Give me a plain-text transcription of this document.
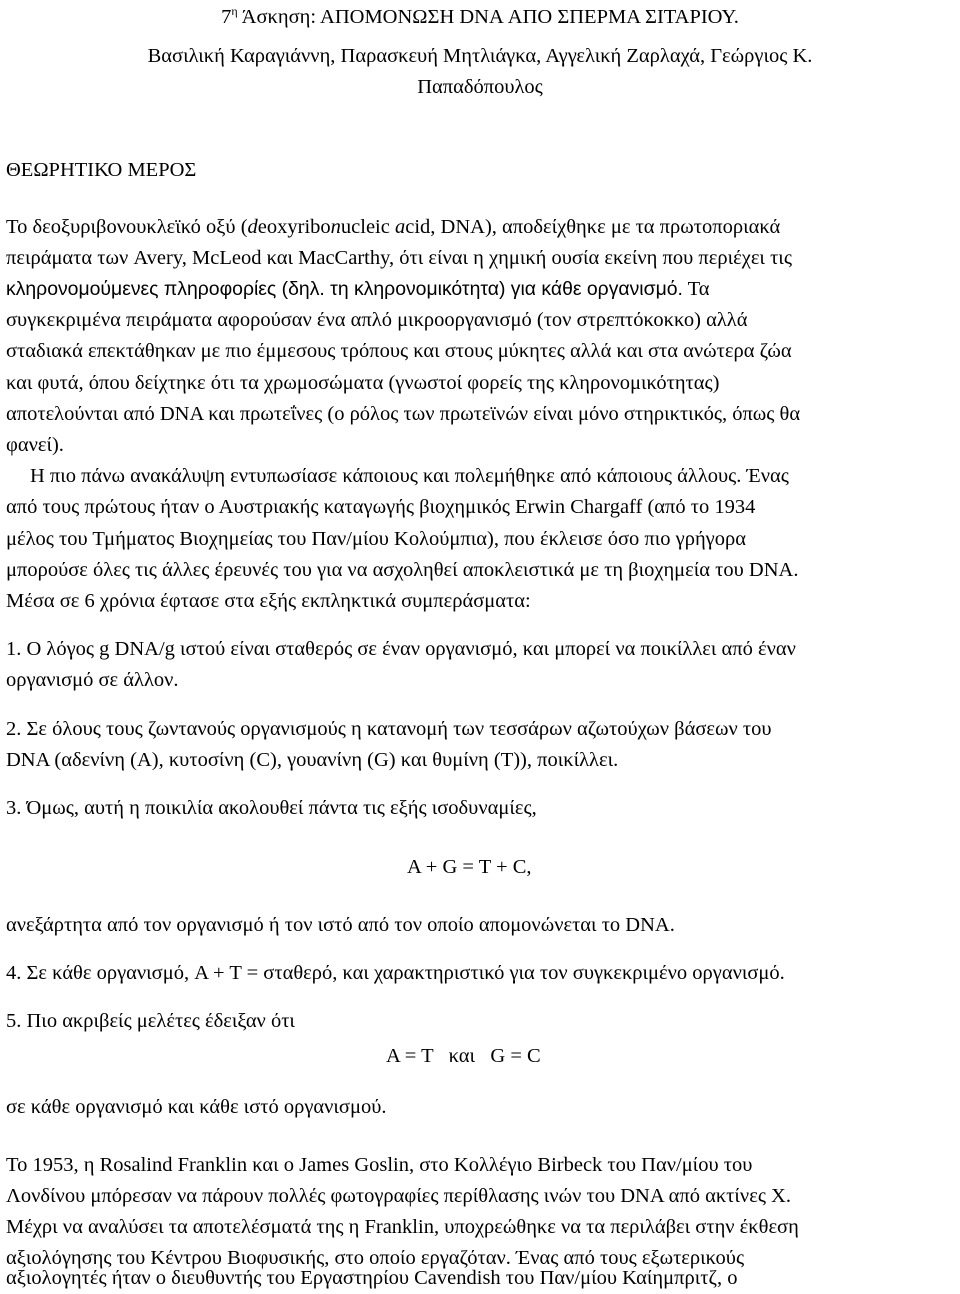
$7^\eta$ Άσκηση: ΑΠΟΜΟΝΩΣΗ DNA ΑΠΟ ΣΠΕΡΜΑ ΣΙΤΑΡΙΟΥ.
Βασιλική Καραγιάννη, Παρασκευή Μητλιάγκα, Αγγελική Ζαρλαχά, Γεώργιος Κ.
Παπαδόπουλος
ΘΕΩΡΗΤΙΚΟ ΜΕΡΟΣ
Το δεοξυριβονουκλεϊκό οξύ (deoxyribonucleic acid, DNA), αποδείχθηκε με τα πρωτοποριακά
πειράματα των Avery, McLeod και MacCarthy, ότι είναι η χημική ουσία εκείνη που περιέχει τις
κληρονομούμενες πληροφορίες (δηλ. τη κληρονομικότητα) για κάθε οργανισμό. Τα
συγκεκριμένα πειράματα αφορούσαν ένα απλό μικροοργανισμό (τον στρεπτόκοκκο) αλλά
σταδιακά επεκτάθηκαν με πιο έμμεσους τρόπους και στους μύκητες αλλά και στα ανώτερα ζώα
και φυτά, όπου δείχτηκε ότι τα χρωμοσώματα (γνωστοί φορείς της κληρονομικότητας)
αποτελούνται από DNA και πρωτεΐνες (ο ρόλος των πρωτεϊνών είναι μόνο στηρικτικός, όπως θα
φανεί).
Η πιο πάνω ανακάλυψη εντυπωσίασε κάποιους και πολεμήθηκε από κάποιους άλλους. Ένας
από τους πρώτους ήταν ο Αυστριακής καταγωγής βιοχημικός Erwin Chargaff (από το 1934
μέλος του Τμήματος Βιοχημείας του Παν/μίου Κολούμπια), που έκλεισε όσο πιο γρήγορα
μπορούσε όλες τις άλλες έρευνές του για να ασχοληθεί αποκλειστικά με τη βιοχημεία του DNA.
Μέσα σε 6 χρόνια έφτασε στα εξής εκπληκτικά συμπεράσματα:
1. Ο λόγος g DNA/g ιστού είναι σταθερός σε έναν οργανισμό, και μπορεί να ποικίλλει από έναν
οργανισμό σε άλλον.
2. Σε όλους τους ζωντανούς οργανισμούς η κατανομή των τεσσάρων αζωτούχων βάσεων του
DNA (αδενίνη (A), κυτοσίνη (C), γουανίνη (G) και θυμίνη (T)), ποικίλλει.
3. Όμως, αυτή η ποικιλία ακολουθεί πάντα τις εξής ισοδυναμίες,
A + G = T + C,
ανεξάρτητα από τον οργανισμό ή τον ιστό από τον οποίο απομονώνεται το DNA.
4. Σε κάθε οργανισμό, A + T = σταθερό, και χαρακτηριστικό για τον συγκεκριμένο οργανισμό.
5. Πιο ακριβείς μελέτες έδειξαν ότι
A = T   και   G = C
σε κάθε οργανισμό και κάθε ιστό οργανισμού.
Το 1953, η Rosalind Franklin και ο James Goslin, στο Κολλέγιο Birbeck του Παν/μίου του
Λονδίνου μπόρεσαν να πάρουν πολλές φωτογραφίες περίθλασης ινών του DNA από ακτίνες Χ.
Μέχρι να αναλύσει τα αποτελέσματά της η Franklin, υποχρεώθηκε να τα περιλάβει στην έκθεση
αξιολόγησης του Κέντρου Βιοφυσικής, στο οποίο εργαζόταν. Ένας από τους εξωτερικούς
αξιολογητές ήταν ο διευθυντής του Εργαστηρίου Cavendish του Παν/μίου Καίημπριτζ, ο
